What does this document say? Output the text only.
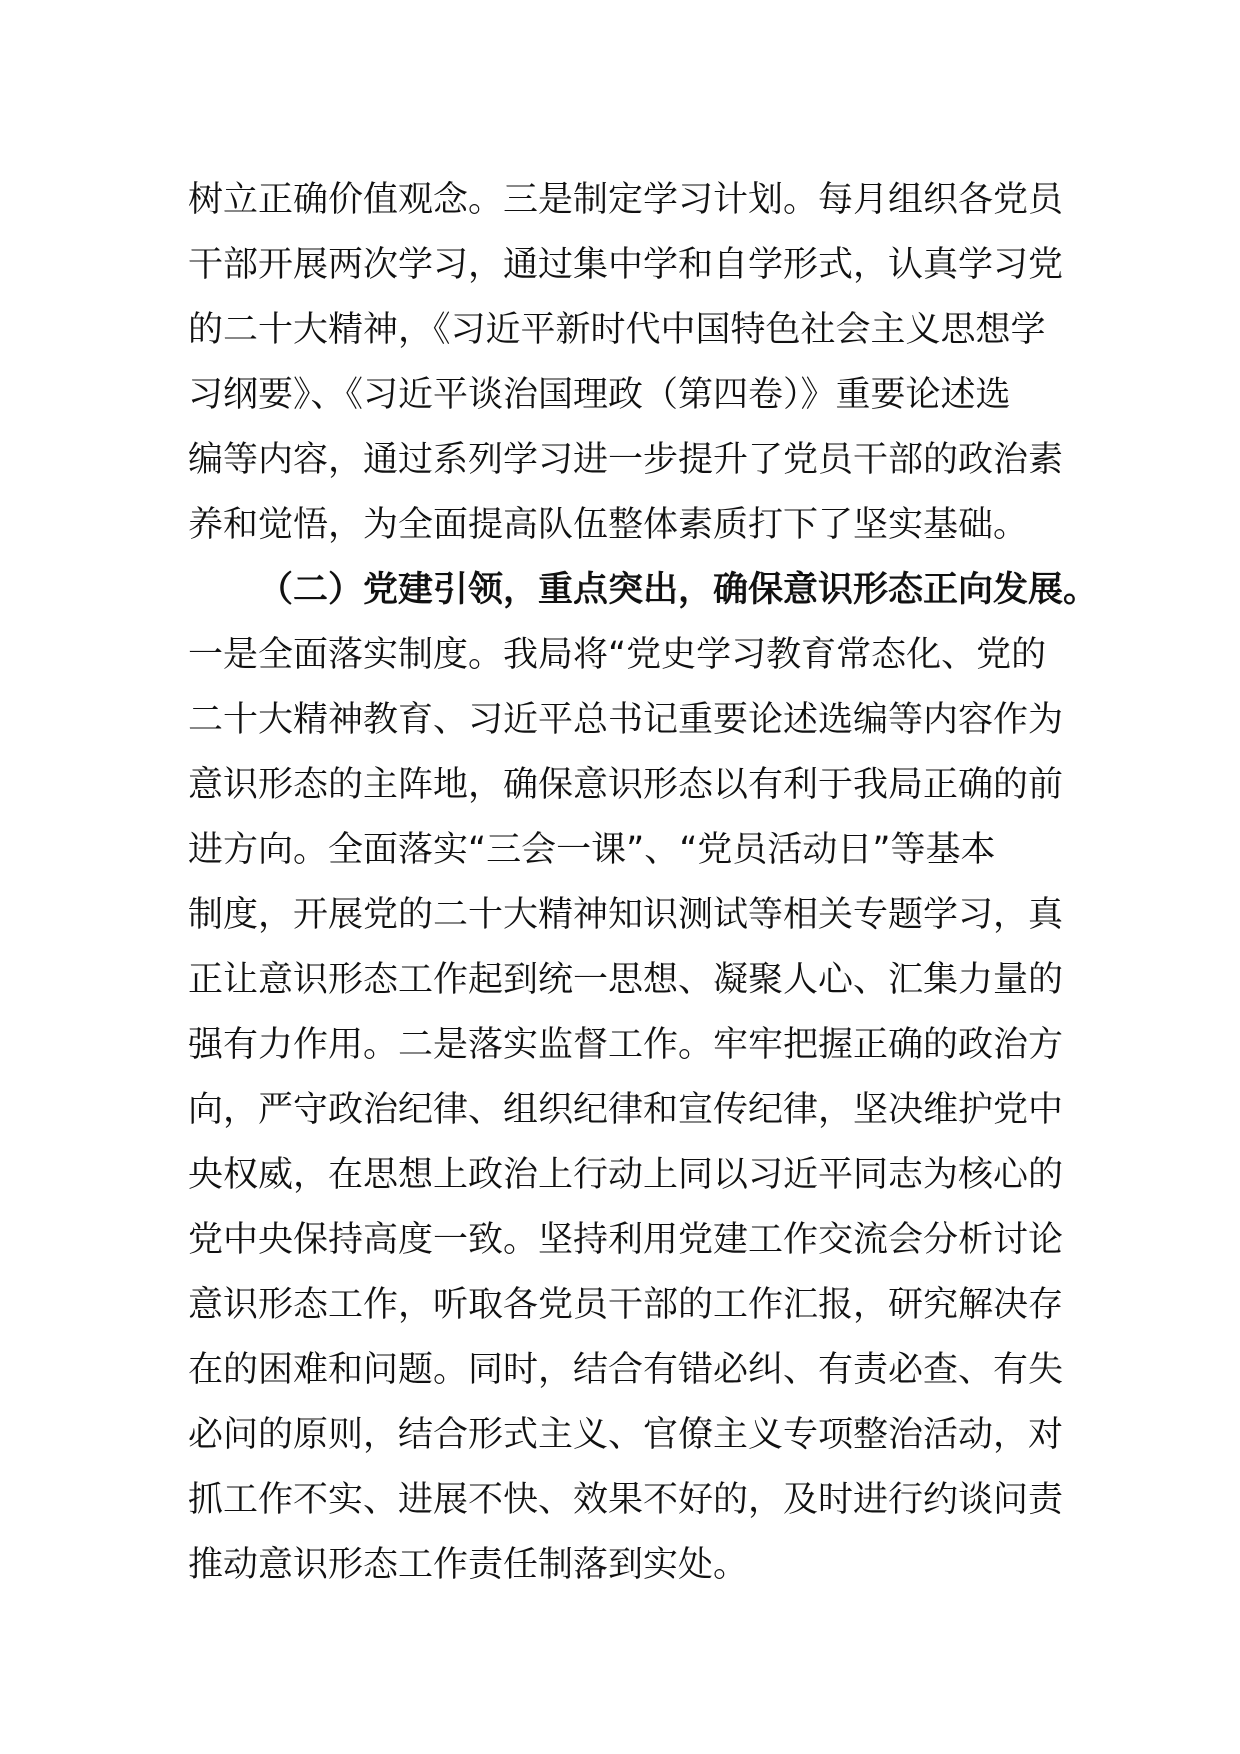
树立正确价值观念。三是制定学习计划。每月组织各党员
干部开展两次学习，通过集中学和自学形式，认真学习党
的二十大精神，《习近平新时代中国特色社会主义思想学
习纲要》、《习近平谈治国理政（第四卷）》重要论述选
编等内容，通过系列学习进一步提升了党员干部的政治素
养和觉悟，为全面提高队伍整体素质打下了坚实基础。
（二）党建引领，重点突出，确保意识形态正向发展。
一是全面落实制度。我局将“党史学习教育常态化、党的
二十大精神教育、习近平总书记重要论述选编等内容作为
意识形态的主阵地，确保意识形态以有利于我局正确的前
进方向。全面落实“三会一课”、“党员活动日”等基本
制度，开展党的二十大精神知识测试等相关专题学习，真
正让意识形态工作起到统一思想、凝聚人心、汇集力量的
强有力作用。二是落实监督工作。牢牢把握正确的政治方
向，严守政治纪律、组织纪律和宣传纪律，坚决维护党中
央权威，在思想上政治上行动上同以习近平同志为核心的
党中央保持高度一致。坚持利用党建工作交流会分析讨论
意识形态工作，听取各党员干部的工作汇报，研究解决存
在的困难和问题。同时，结合有错必纠、有责必查、有失
必问的原则，结合形式主义、官僚主义专项整治活动，对
抓工作不实、进展不快、效果不好的，及时进行约谈问责
推动意识形态工作责任制落到实处。
